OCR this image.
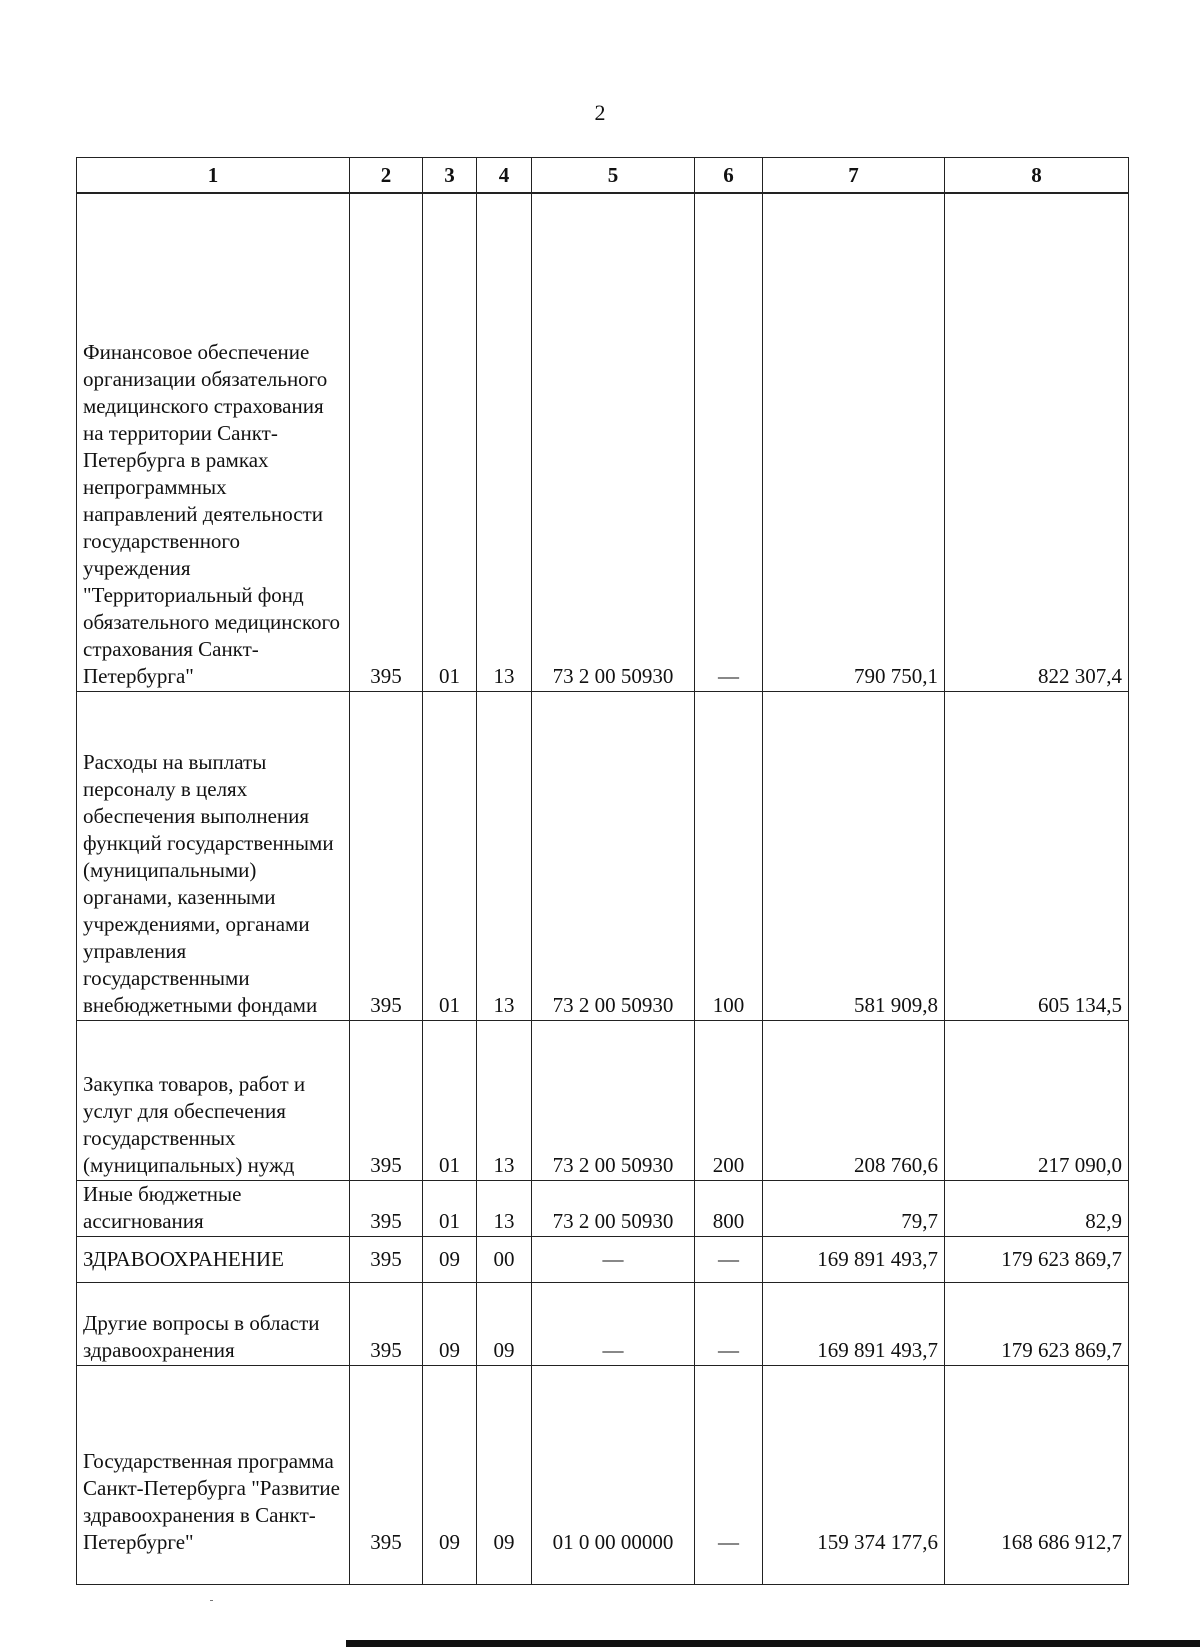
2
1	2	3	4	5	6	7	8
Финансовое обеспечение организации обязательного медицинского страхования на территории Санкт-Петербурга в рамках непрограммных направлений деятельности государственного учреждения "Территориальный фонд обязательного медицинского страхования Санкт-Петербурга"	395	01	13	73 2 00 50930	—	790 750,1	822 307,4
Расходы на выплаты персоналу в целях обеспечения выполнения функций государственными (муниципальными) органами, казенными учреждениями, органами управления государственными внебюджетными фондами	395	01	13	73 2 00 50930	100	581 909,8	605 134,5
Закупка товаров, работ и услуг для обеспечения государственных (муниципальных) нужд	395	01	13	73 2 00 50930	200	208 760,6	217 090,0
Иные бюджетные ассигнования	395	01	13	73 2 00 50930	800	79,7	82,9
ЗДРАВООХРАНЕНИЕ	395	09	00	—	—	169 891 493,7	179 623 869,7
Другие вопросы в области здравоохранения	395	09	09	—	—	169 891 493,7	179 623 869,7
Государственная программа Санкт-Петербурга "Развитие здравоохранения в Санкт-Петербурге"	395	09	09	01 0 00 00000	—	159 374 177,6	168 686 912,7
